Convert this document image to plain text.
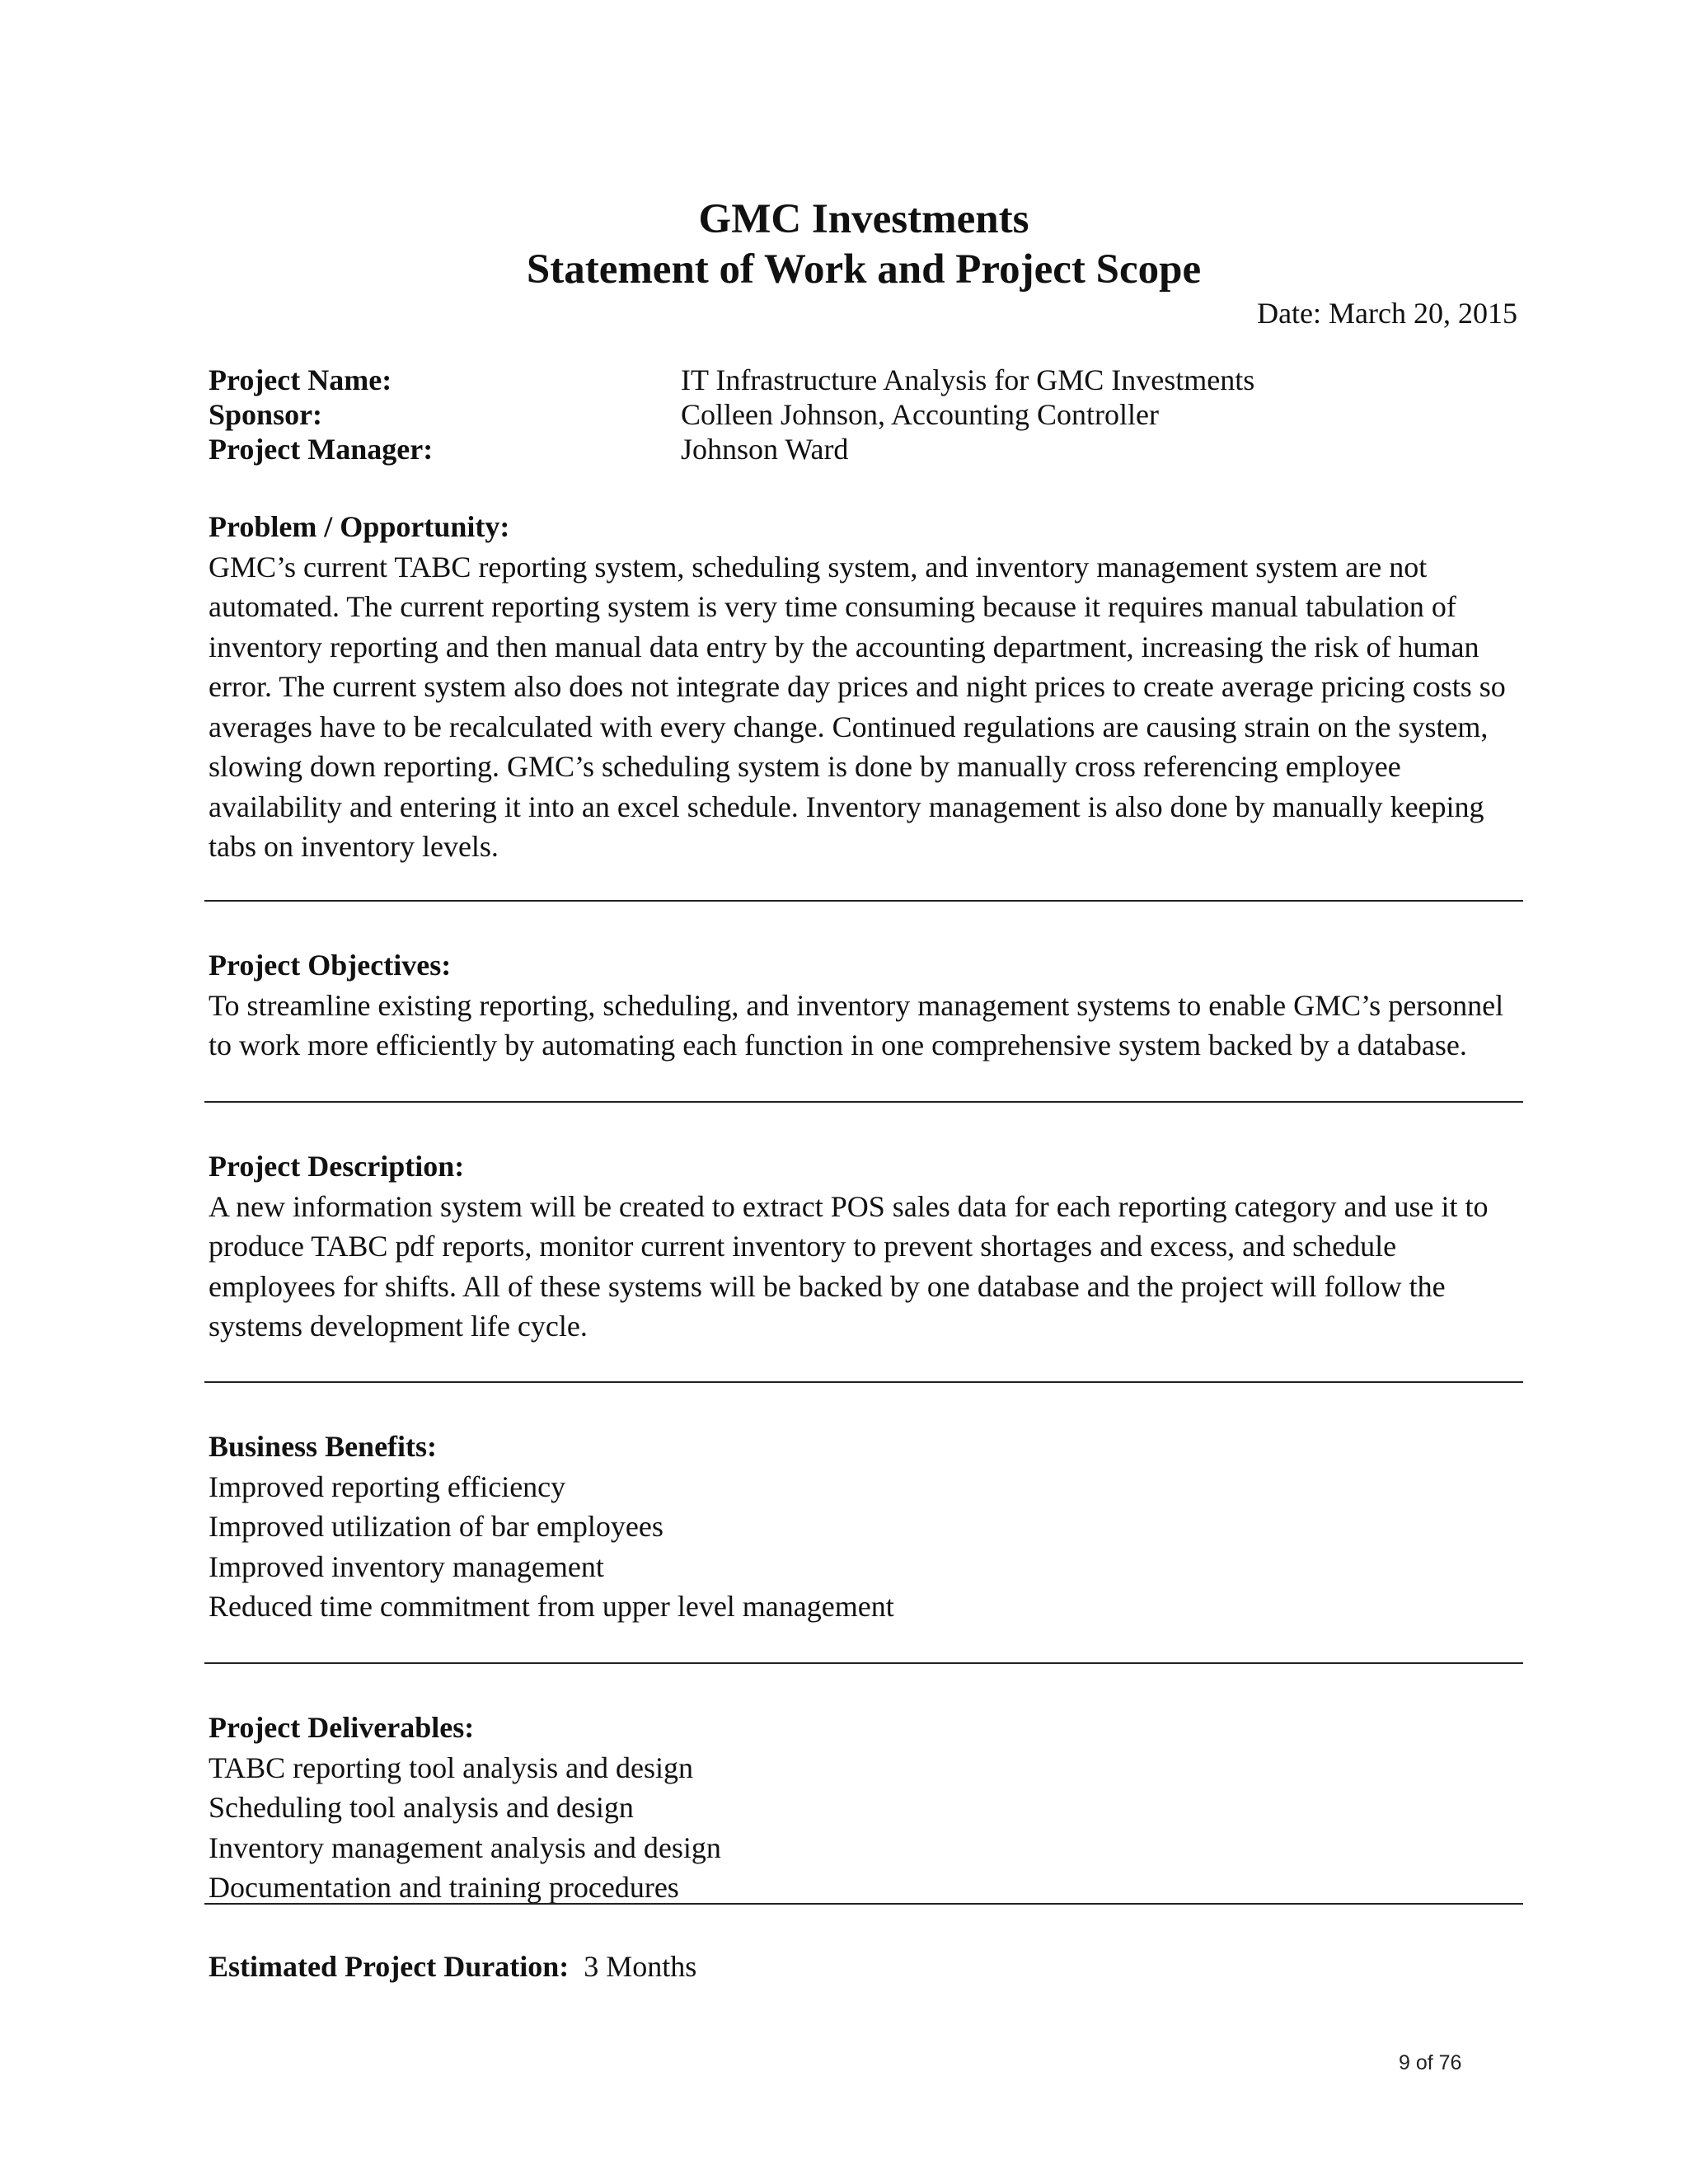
GMC Investments

Statement of Work and Project Scope

Date: March 20, 2015
Project Name:	IT Infrastructure Analysis for GMC Investments
Sponsor:	Colleen Johnson, Accounting Controller
Project Manager:	Johnson Ward

Problem / Opportunity:

GMC’s current TABC reporting system, scheduling system, and inventory management system are not automated. The current reporting system is very time consuming because it requires manual tabulation of inventory reporting and then manual data entry by the accounting department, increasing the risk of human error. The current system also does not integrate day prices and night prices to create average pricing costs so averages have to be recalculated with every change. Continued regulations are causing strain on the system, slowing down reporting. GMC’s scheduling system is done by manually cross referencing employee availability and entering it into an excel schedule. Inventory management is also done by manually keeping tabs on inventory levels.

Project Objectives:

To streamline existing reporting, scheduling, and inventory management systems to enable GMC’s personnel to work more efficiently by automating each function in one comprehensive system backed by a database.

Project Description:

A new information system will be created to extract POS sales data for each reporting category and use it to produce TABC pdf reports, monitor current inventory to prevent shortages and excess, and schedule employees for shifts. All of these systems will be backed by one database and the project will follow the systems development life cycle.

Business Benefits:

Improved reporting efficiency

Improved utilization of bar employees

Improved inventory management

Reduced time commitment from upper level management

Project Deliverables:

TABC reporting tool analysis and design

Scheduling tool analysis and design

Inventory management analysis and design

Documentation and training procedures

Estimated Project Duration: 3 Months
9 of 76
